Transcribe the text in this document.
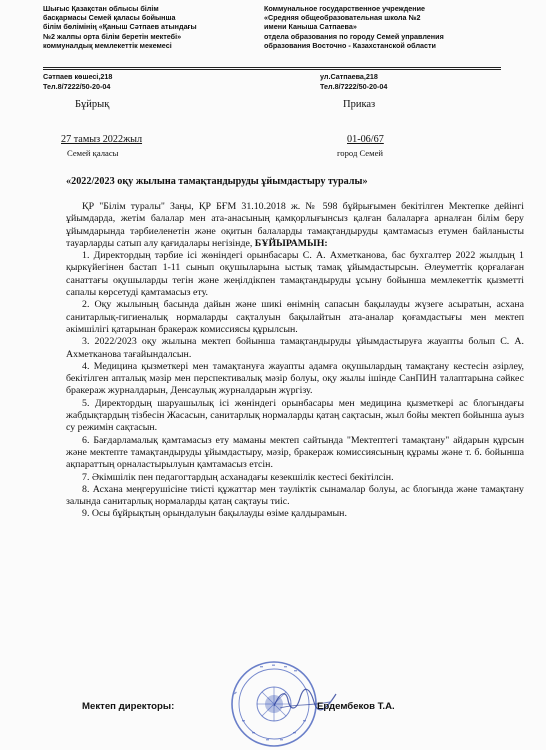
Шығыс Қазақстан облысы білім
басқармасы Семей қаласы бойынша
білім бөлімінің «Қаныш Сәтпаев атындағы
№2 жалпы орта білім беретін мектебі»
коммуналдық мемлекеттік мекемесі
Коммунальное государственное учреждение
«Средняя общеобразовательная школа №2
имени Каныша Сатпаева»
отдела образования по городу Семей управления
образования Восточно - Казахстанской области
Сәтпаев көшесі,218
Тел.8/7222/50-20-04
ул.Сатпаева,218
Тел.8/7222/50-20-04
Бұйрық	Приказ
27 тамыз 2022жыл	01-06/67
Семей қаласы	город Семей
«2022/2023 оқу жылына тамақтандыруды ұйымдастыру туралы»

ҚР "Білім туралы" Заңы, ҚР БҒМ 31.10.2018 ж. № 598 бұйрығымен бекітілген Мектепке дейінгі ұйымдарда, жетім балалар мен ата-анасының қамқорлығынсыз қалған балаларға арналған білім беру ұйымдарында тәрбиеленетін және оқитын балаларды тамақтандыруды қамтамасыз етумен байланысты тауарларды сатып алу қағидалары негізінде, БҰЙЫРАМЫН:

1. Директордың тәрбие ісі жөніндегі орынбасары С. А. Ахметканова, бас бухгалтер 2022 жылдың 1 қыркүйегінен бастап 1-11 сынып оқушыларына ыстық тамақ ұйымдастырсын. Әлеуметтік қорғалаған санаттағы оқушыларды тегін және жеңілдікпен тамақтандыруды ұсыну бойынша мемлекеттік қызметті сапалы көрсетуді қамтамасыз ету.

2. Оқу жылының басында дайын және шикі өнімнің сапасын бақылауды жүзеге асыратын, асхана санитарлық-гигиеналық нормаларды сақталуын бақылайтын ата-аналар қоғамдастығы мен мектеп әкімшілігі қатарынан бракераж комиссиясы құрылсын.

3. 2022/2023 оқу жылына мектеп бойынша тамақтандыруды ұйымдастыруға жауапты болып С. А. Ахметканова тағайындалсын.

4. Медицина қызметкері мен тамақтануға жауапты адамға оқушылардың тамақтану кестесін әзірлеу, бекітілген апталық мәзір мен перспективалық мәзір болуы, оқу жылы ішінде СанПИН талаптарына сәйкес бракераж журналдарын, Денсаулық журналдарын жүргізу.

5. Директордың шаруашылық ісі жөніндегі орынбасары мен медицина қызметкері ас блогындағы жабдықтардың тізбесін Жасасын, санитарлық нормаларды қатаң сақтасын, жыл бойы мектеп бойынша ауыз су режимін сақтасын.

6. Бағдарламалық қамтамасыз ету маманы мектеп сайтында "Мектептегі тамақтану" айдарын құрсын және мектепте тамақтандыруды ұйымдастыру, мәзір, бракераж комиссиясының құрамы және т. б. бойынша ақпараттың орналастырылуын қамтамасыз етсін.

7. Әкімшілік пен педагогтардың асханадағы кезекшілік кестесі бекітілсін.

8. Асхана меңгерушісіне тиісті құжаттар мен тәуліктік сынамалар болуы, ас блогында және тамақтану залында санитарлық нормаларды қатаң сақтауы тиіс.

9. Осы бұйрықтың орындалуын бақылауды өзіме қалдырамын.

Мектеп директоры:	Ердембеков Т.А.
